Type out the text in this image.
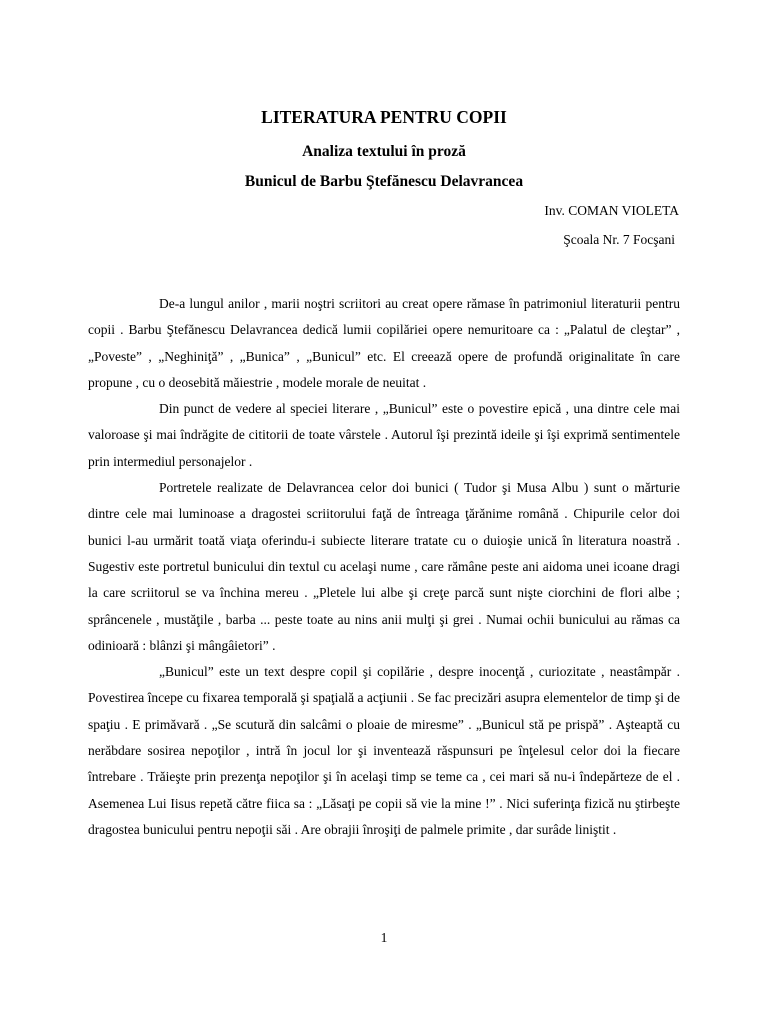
LITERATURA PENTRU COPII
Analiza textului în proză
Bunicul de Barbu Ştefănescu Delavrancea

Inv. COMAN VIOLETA

Şcoala Nr. 7 Focşani

De-a lungul anilor , marii noştri scriitori au creat opere rămase în patrimoniul literaturii pentru copii . Barbu Ştefănescu Delavrancea dedică lumii copilăriei opere nemuritoare ca : „Palatul de cleştar” , „Poveste” , „Neghiniţă” , „Bunica” , „Bunicul” etc. El creează opere de profundă originalitate în care propune , cu o deosebită măiestrie , modele morale de neuitat .

Din punct de vedere al speciei literare , „Bunicul” este o povestire epică , una dintre cele mai valoroase şi mai îndrăgite de cititorii de toate vârstele . Autorul îşi prezintă ideile şi îşi exprimă sentimentele prin intermediul personajelor .

Portretele realizate de Delavrancea celor doi bunici ( Tudor şi Musa Albu ) sunt o mărturie dintre cele mai luminoase a dragostei scriitorului faţă de întreaga ţărănime română . Chipurile celor doi bunici l-au urmărit toată viaţa oferindu-i subiecte literare tratate cu o duioşie unică în literatura noastră . Sugestiv este portretul bunicului din textul cu acelaşi nume , care rămâne peste ani aidoma unei icoane dragi la care scriitorul se va închina mereu . „Pletele lui albe şi creţe parcă sunt nişte ciorchini de flori albe ; sprâncenele , mustăţile , barba ... peste toate au nins anii mulţi şi grei . Numai ochii bunicului au rămas ca odinioară : blânzi şi mângâietori” .

„Bunicul” este un text despre copil şi copilărie , despre inocenţă , curiozitate , neastâmpăr . Povestirea începe cu fixarea temporală şi spaţială a acţiunii . Se fac precizări asupra elementelor de timp şi de spaţiu . E primăvară . „Se scutură din salcâmi o ploaie de miresme” . „Bunicul stă pe prispă” . Aşteaptă cu nerăbdare sosirea nepoţilor , intră în jocul lor şi inventează răspunsuri pe înţelesul celor doi la fiecare întrebare . Trăieşte prin prezenţa nepoţilor şi în acelaşi timp se teme ca , cei mari să nu-i îndepărteze de el . Asemenea Lui Iisus repetă către fiica sa : „Lăsaţi pe copii să vie la mine !” . Nici suferinţa fizică nu ştirbeşte dragostea bunicului pentru nepoţii săi . Are obrajii înroşiţi de palmele primite , dar surâde liniştit .

1
